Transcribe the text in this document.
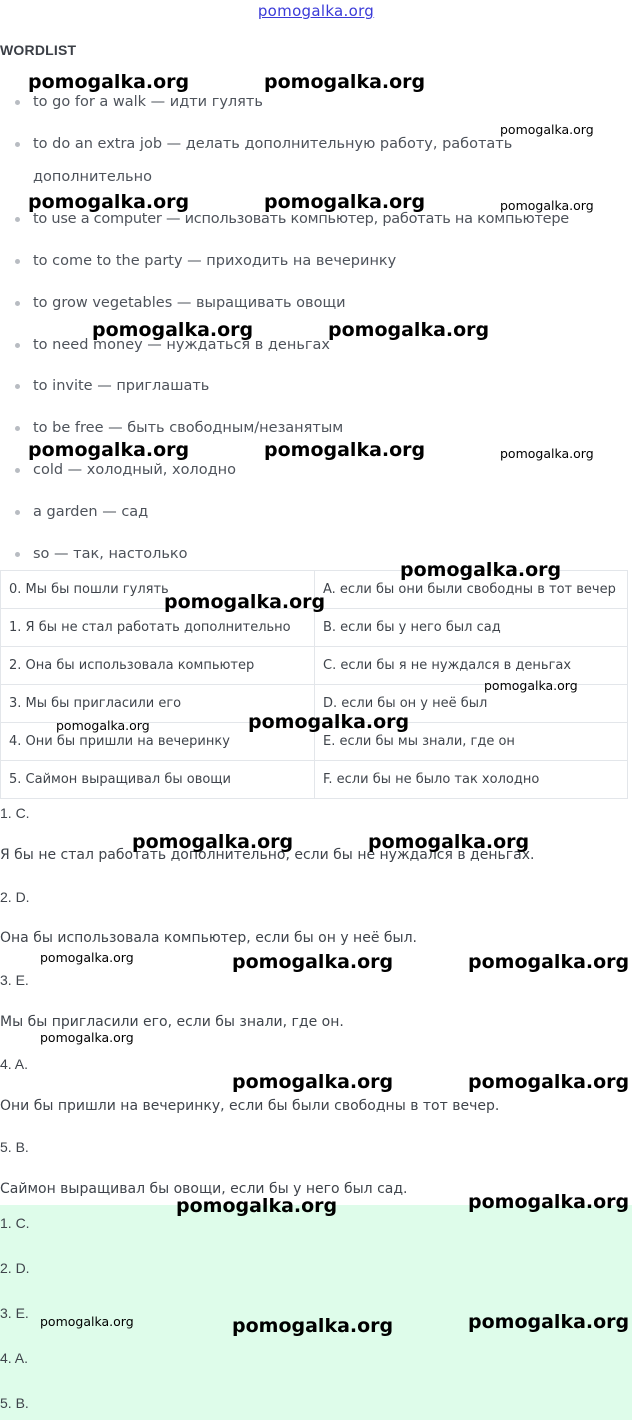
pomogalka.org
WORDLIST
to go for a walk — идти гулять
to do an extra job — делать дополнительную работу, работать дополнительно
to use a computer — использовать компьютер, работать на компьютере
to come to the party — приходить на вечеринку
to grow vegetables — выращивать овощи
to need money — нуждаться в деньгах
to invite — приглашать
to be free — быть свободным/незанятым
cold — холодный, холодно
a garden — сад
so — так, настолько
0. Мы бы пошли гулять	A. если бы они были свободны в тот вечер
1. Я бы не стал работать дополнительно	B. если бы у него был сад
2. Она бы использовала компьютер	C. если бы я не нуждался в деньгах
3. Мы бы пригласили его	D. если бы он у неё был
4. Они бы пришли на вечеринку	E. если бы мы знали, где он
5. Саймон выращивал бы овощи	F. если бы не было так холодно
1. C.
Я бы не стал работать дополнительно, если бы не нуждался в деньгах.
2. D.
Она бы использовала компьютер, если бы он у неё был.
3. E.
Мы бы пригласили его, если бы знали, где он.
4. A.
Они бы пришли на вечеринку, если бы были свободны в тот вечер.
5. B.
Саймон выращивал бы овощи, если бы у него был сад.
1. C.
2. D.
3. E.
4. A.
5. B.
pomogalka.org	pomogalka.org
pomogalka.org
pomogalka.org	pomogalka.org	pomogalka.org
pomogalka.org	pomogalka.org
pomogalka.org	pomogalka.org	pomogalka.org
pomogalka.org
pomogalka.org
pomogalka.org
pomogalka.org
pomogalka.org
pomogalka.org	pomogalka.org
pomogalka.org	pomogalka.org	pomogalka.org
pomogalka.org
pomogalka.org	pomogalka.org
pomogalka.org	pomogalka.org
pomogalka.org	pomogalka.org	pomogalka.org
